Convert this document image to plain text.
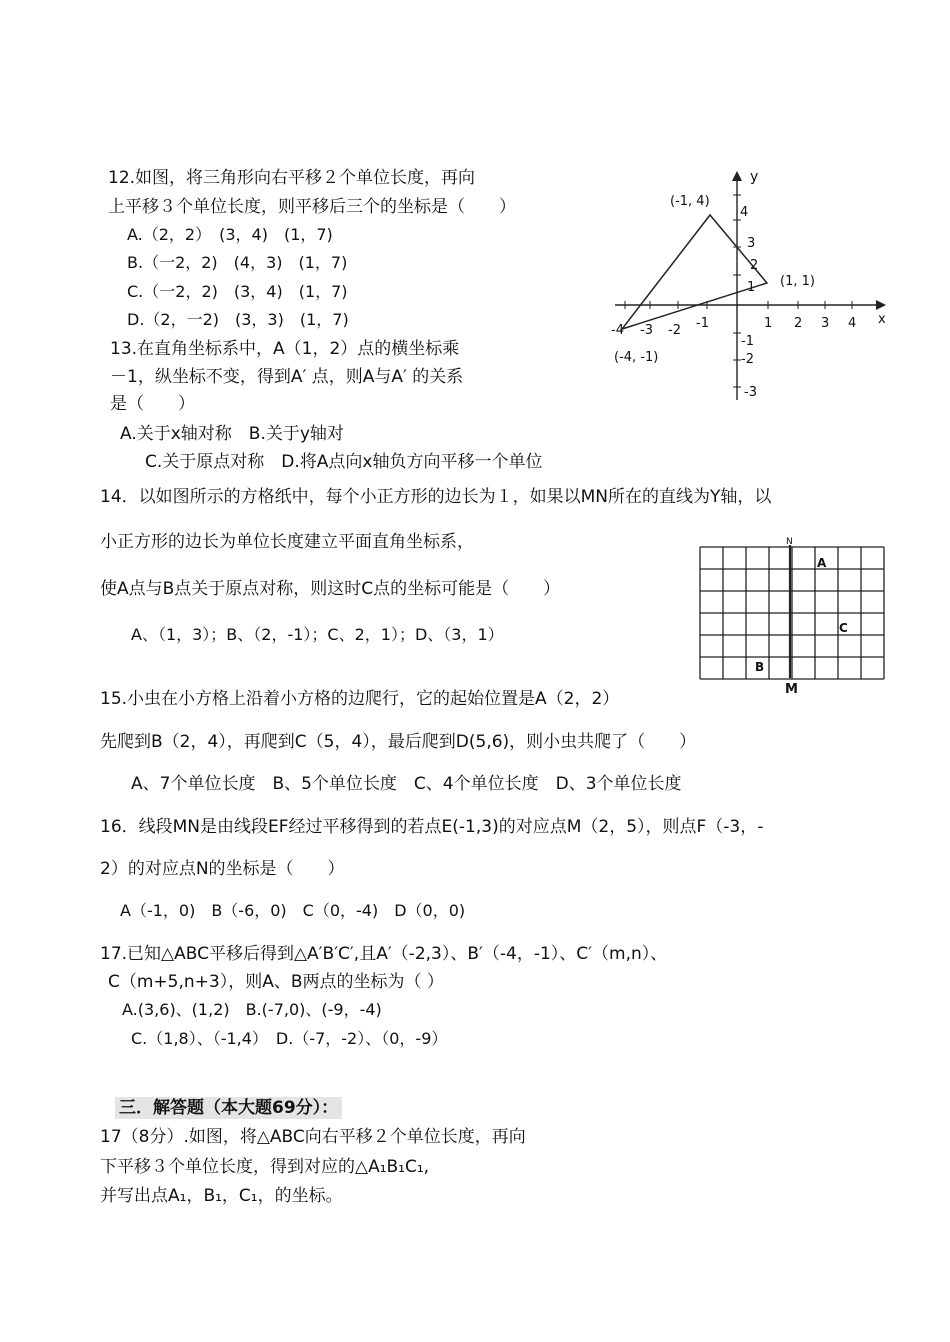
12.如图，将三角形向右平移２个单位长度，再向
上平移３个单位长度，则平移后三个的坐标是（　　）
A.（2，2）　(3，4)　(1，7)
B.（一2，2)　(4，3)　(1，7)
C.（一2，2)　(3，4)　(1，7)
D.（2，一2)　(3，3)　(1，7)
13.在直角坐标系中，A（1，2）点的横坐标乘
－1，纵坐标不变，得到A′ 点，则A与A′ 的关系
是（　　）
A.关于x轴对称　B.关于y轴对
C.关于原点对称　D.将A点向x轴负方向平移一个单位
x
y
-4 -3 -2 -1	1 2 3 4
1
2
3
4
-1
-2
-3
(-1, 4)
(1, 1)
(-4, -1)
14．以如图所示的方格纸中，每个小正方形的边长为１，如果以MN所在的直线为Y轴，以
小正方形的边长为单位长度建立平面直角坐标系，
使A点与B点关于原点对称，则这时C点的坐标可能是（　　）
A、（1，3）；B、（2，-1）；C、2，1）；D、（3，1）
N
A
C
B
M
15.小虫在小方格上沿着小方格的边爬行，它的起始位置是A（2，2）
先爬到B（2，4），再爬到C（5，4），最后爬到D(5,6)，则小虫共爬了（　　）
A、7个单位长度　B、5个单位长度　C、4个单位长度　D、3个单位长度
16．线段MN是由线段EF经过平移得到的若点E(-1,3)的对应点M（2，5），则点F（-3，-
2）的对应点N的坐标是（　　）
A（-1，0)　B（-6，0)　C（0，-4)　D（0，0)
17.已知△ABC平移后得到△A′B′C′,且A′（-2,3）、B′（-4，-1）、C′（m,n）、
C（m+5,n+3），则A、B两点的坐标为（ ）
A.(3,6)、(1,2)　B.(-7,0)、(-9，-4)
C.（1,8）、（-1,4）　D.（-7，-2）、（0，-9）
三．解答题（本大题69分）：
17（8分）.如图，将△ABC向右平移２个单位长度，再向
下平移３个单位长度，得到对应的△A₁B₁C₁,
并写出点A₁，B₁，C₁，的坐标。
